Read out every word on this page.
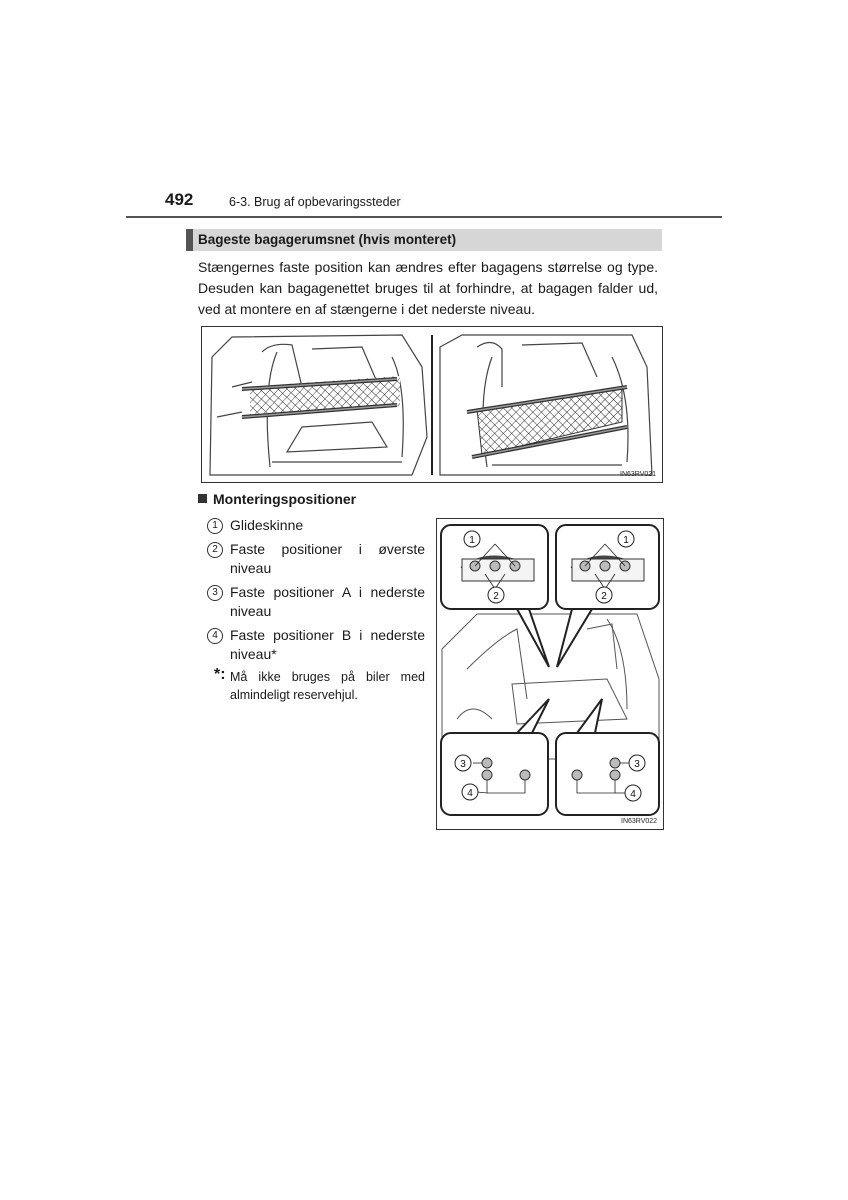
492	6-3. Brug af opbevaringssteder
Bageste bagagerumsnet (hvis monteret)
Stængernes faste position kan ændres efter bagagens størrelse og type. Desuden kan bagagenettet bruges til at forhindre, at bagagen falder ud, ved at montere en af stængerne i det nederste niveau.
IN63RV021
Monteringspositioner
1 Glideskinne
2 Faste positioner i øverste niveau
3 Faste positioner A i nederste niveau
4 Faste positioner B i nederste niveau*
*: Må ikke bruges på biler med almindeligt reservehjul.
1
2
1
2
3
4
3
4
IN63RV022
